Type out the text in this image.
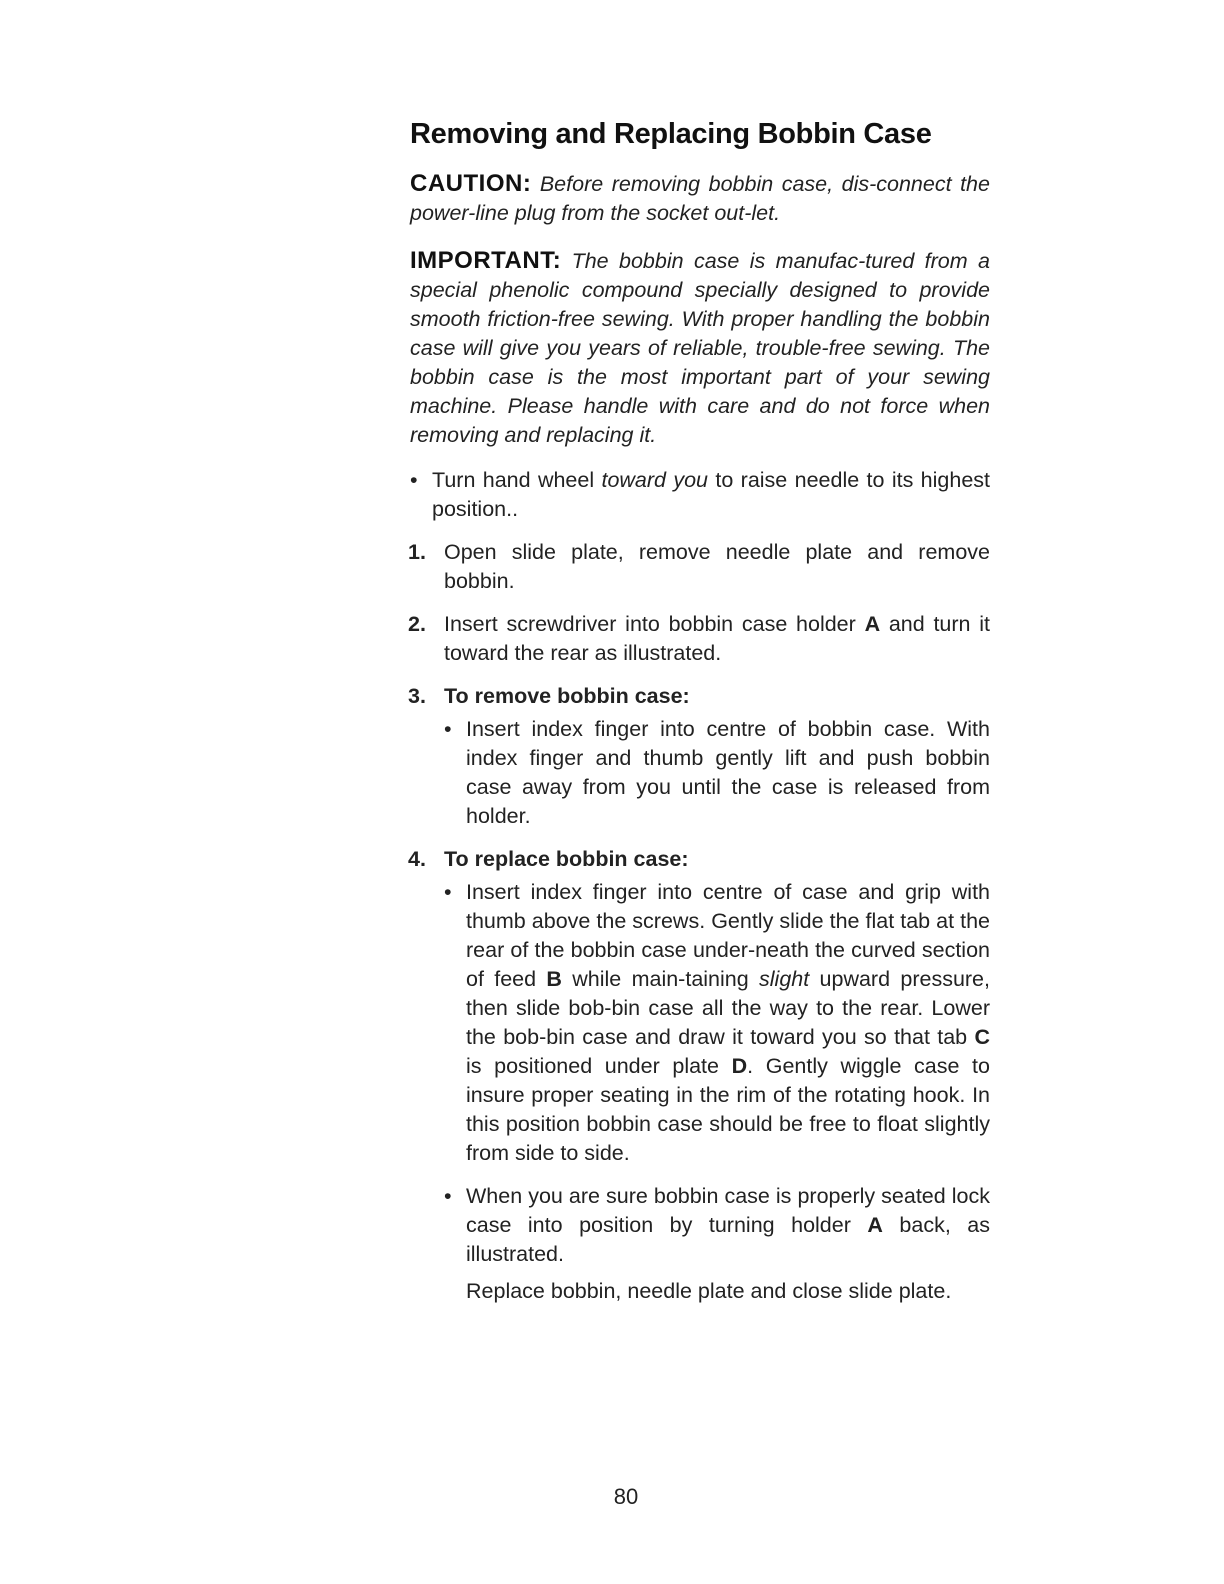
Removing and Replacing Bobbin Case

CAUTION: Before removing bobbin case, dis-connect the power-line plug from the socket out-let.

IMPORTANT: The bobbin case is manufac-tured from a special phenolic compound specially designed to provide smooth friction-free sewing. With proper handling the bobbin case will give you years of reliable, trouble-free sewing. The bobbin case is the most important part of your sewing machine. Please handle with care and do not force when removing and replacing it.

• Turn hand wheel toward you to raise needle to its highest position..
1. Open slide plate, remove needle plate and remove bobbin.
2. Insert screwdriver into bobbin case holder A and turn it toward the rear as illustrated.
3. To remove bobbin case:
• Insert index finger into centre of bobbin case. With index finger and thumb gently lift and push bobbin case away from you until the case is released from holder.
4. To replace bobbin case:
• Insert index finger into centre of case and grip with thumb above the screws. Gently slide the flat tab at the rear of the bobbin case under-neath the curved section of feed B while main-taining slight upward pressure, then slide bob-bin case all the way to the rear. Lower the bob-bin case and draw it toward you so that tab C is positioned under plate D. Gently wiggle case to insure proper seating in the rim of the rotating hook. In this position bobbin case should be free to float slightly from side to side.
• When you are sure bobbin case is properly seated lock case into position by turning holder A back, as illustrated.
Replace bobbin, needle plate and close slide plate.
80
